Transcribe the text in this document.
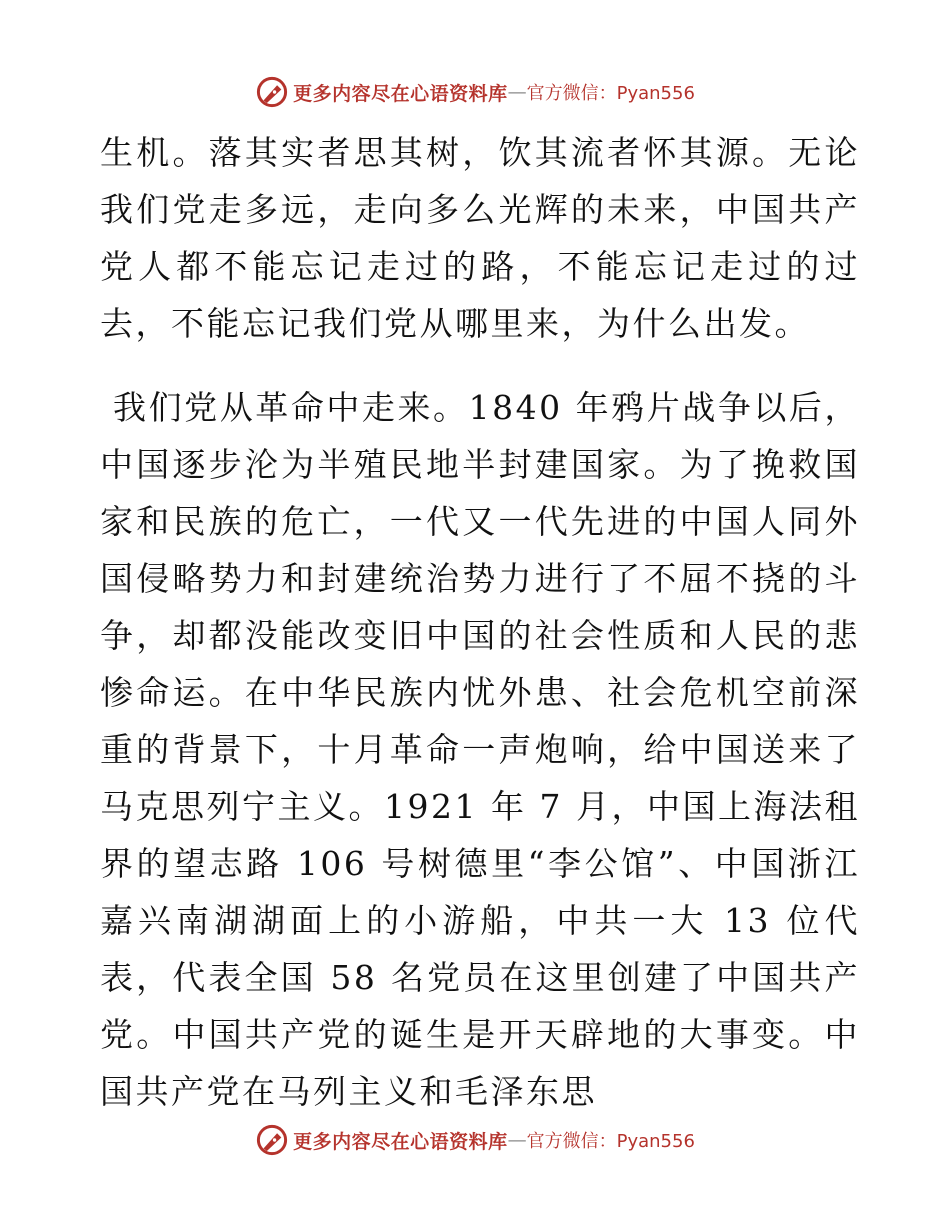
更多内容尽在心语资料库 — 官方微信：Pyan556

生机。落其实者思其树，饮其流者怀其源。无论我们党走多远，走向多么光辉的未来，中国共产党人都不能忘记走过的路，不能忘记走过的过去，不能忘记我们党从哪里来，为什么出发。

我们党从革命中走来。1840 年鸦片战争以后，中国逐步沦为半殖民地半封建国家。为了挽救国家和民族的危亡，一代又一代先进的中国人同外国侵略势力和封建统治势力进行了不屈不挠的斗争，却都没能改变旧中国的社会性质和人民的悲惨命运。在中华民族内忧外患、社会危机空前深重的背景下，十月革命一声炮响，给中国送来了马克思列宁主义。1921 年 7 月，中国上海法租界的望志路 106 号树德里“李公馆”、中国浙江嘉兴南湖湖面上的小游船，中共一大 13 位代表，代表全国 58 名党员在这里创建了中国共产党。中国共产党的诞生是开天辟地的大事变。中国共产党在马列主义和毛泽东思

更多内容尽在心语资料库 — 官方微信：Pyan556
